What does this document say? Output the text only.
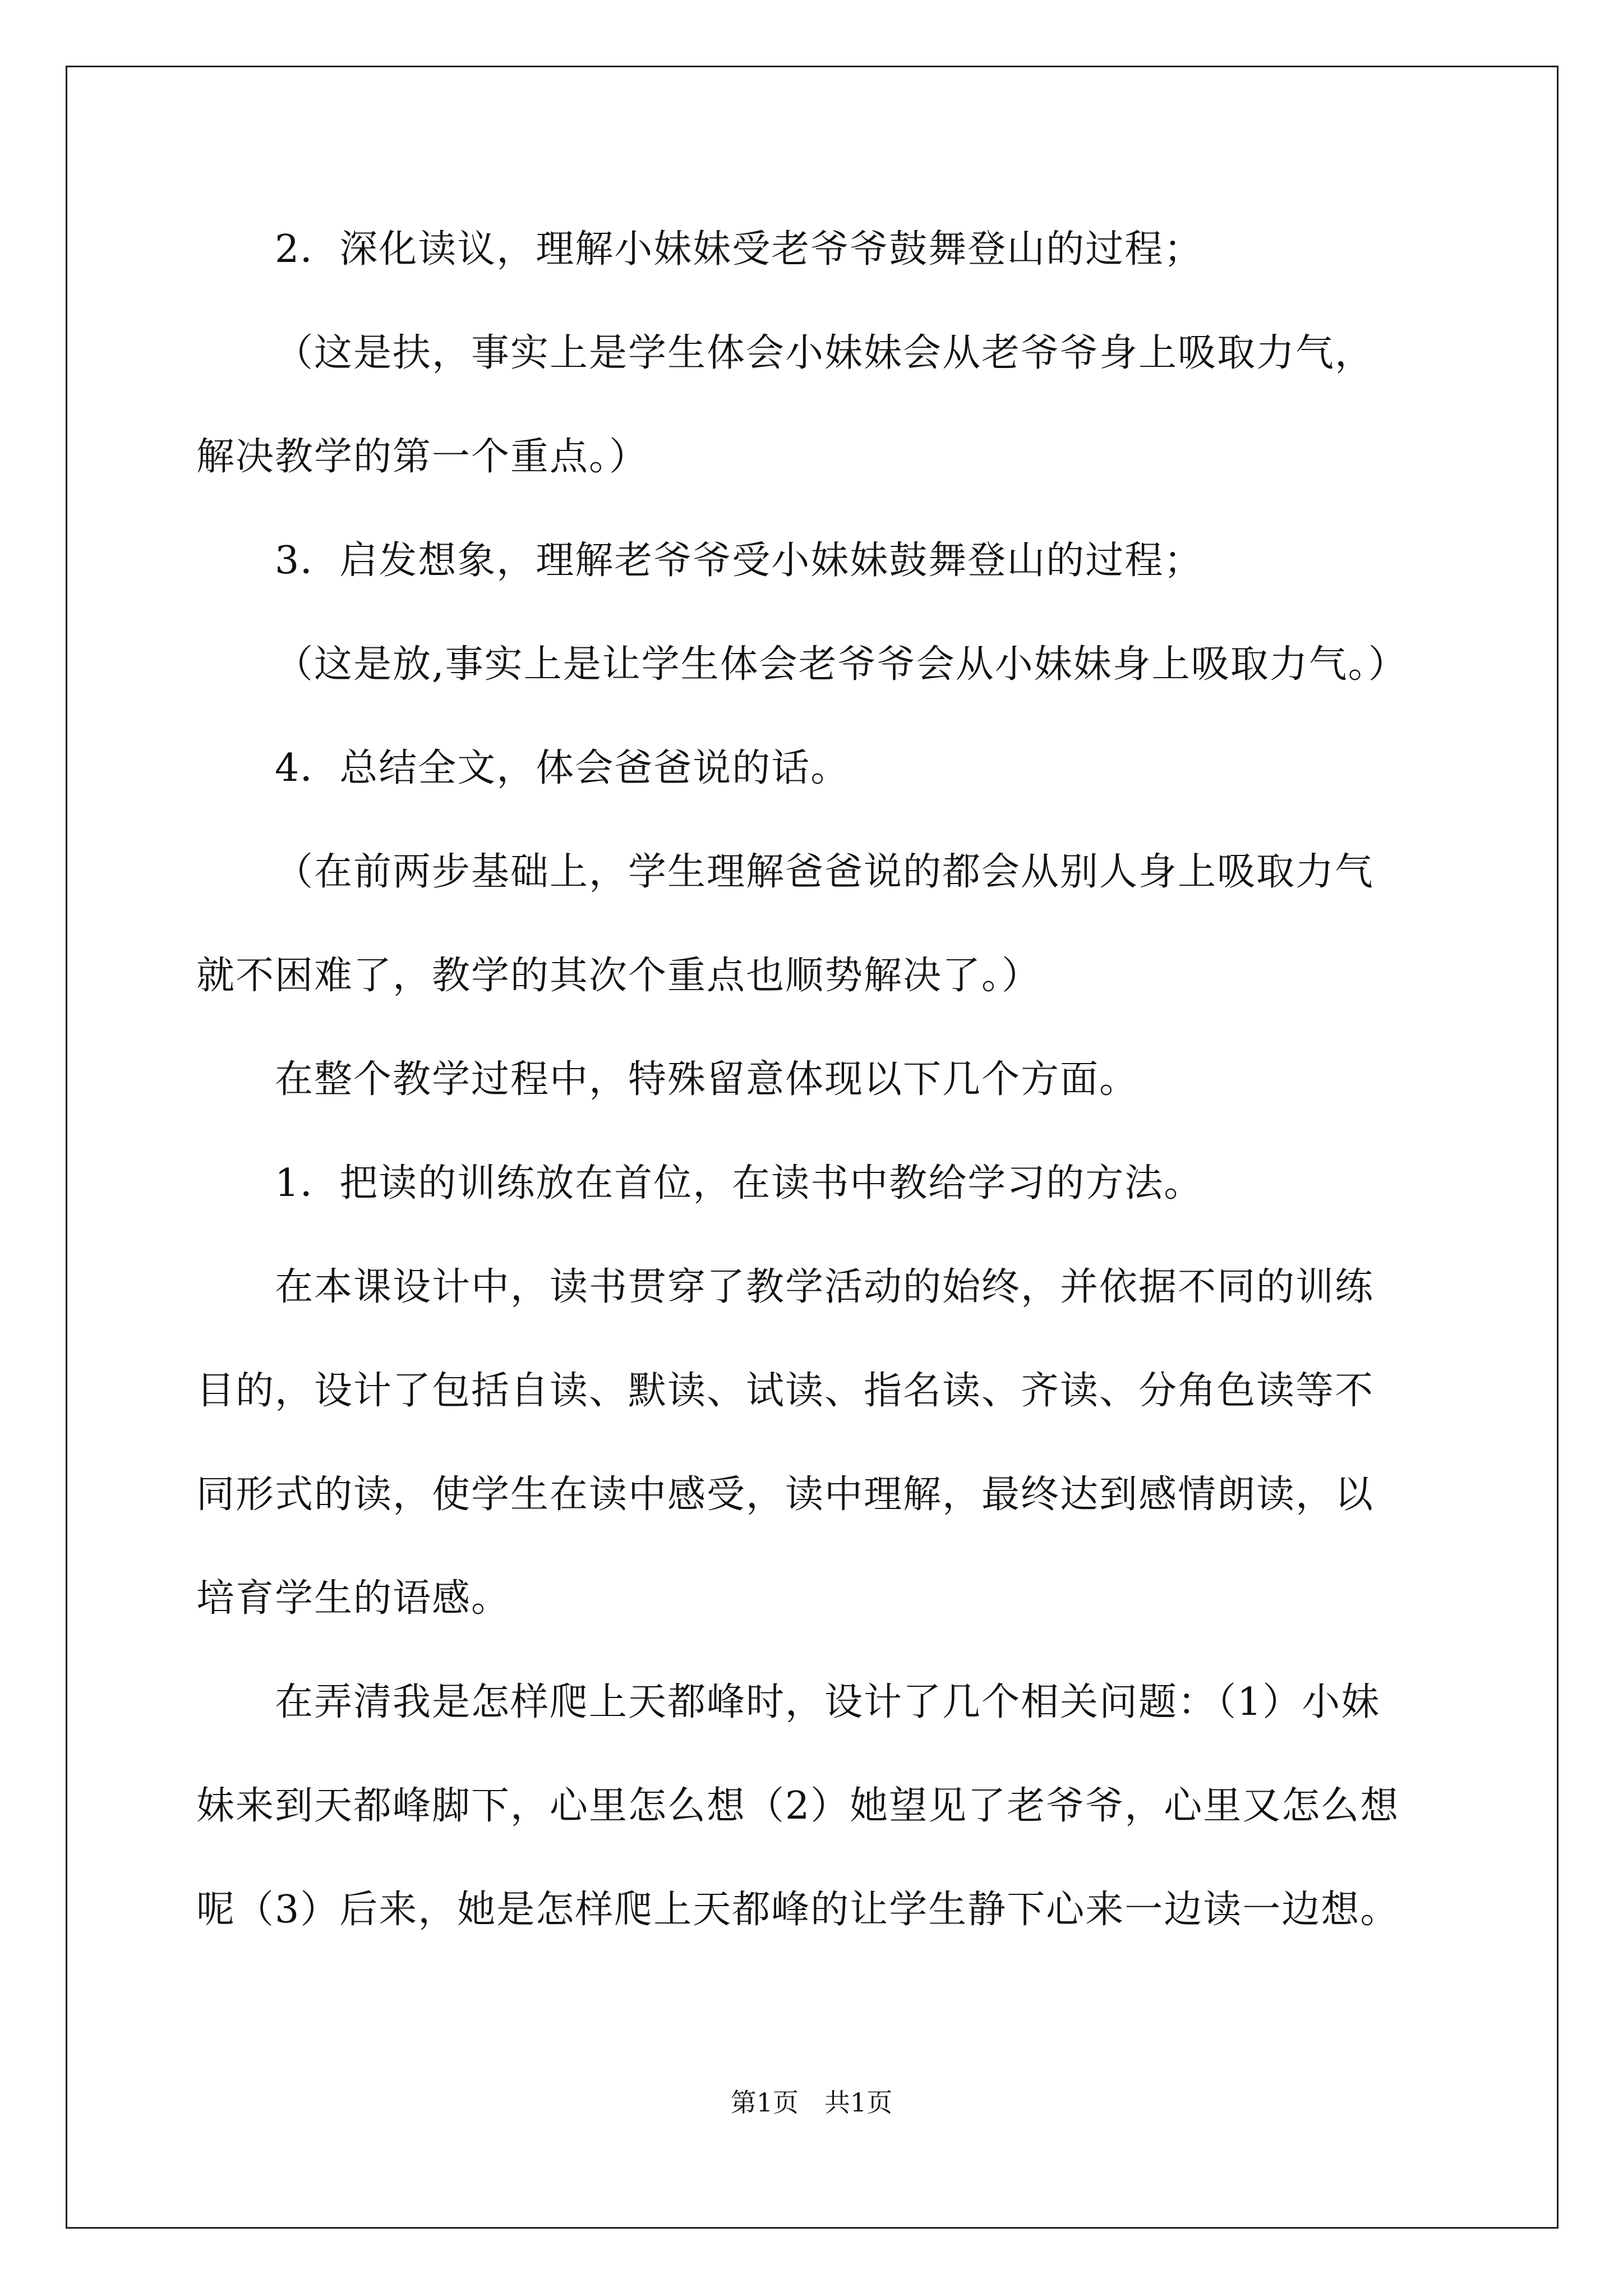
2．深化读议，理解小妹妹受老爷爷鼓舞登山的过程；

（这是扶，事实上是学生体会小妹妹会从老爷爷身上吸取力气，

解决教学的第一个重点。）

3．启发想象，理解老爷爷受小妹妹鼓舞登山的过程；

（这是放,事实上是让学生体会老爷爷会从小妹妹身上吸取力气。）

4．总结全文，体会爸爸说的话。

（在前两步基础上，学生理解爸爸说的都会从别人身上吸取力气

就不困难了，教学的其次个重点也顺势解决了。）

在整个教学过程中，特殊留意体现以下几个方面。

1．把读的训练放在首位，在读书中教给学习的方法。

在本课设计中，读书贯穿了教学活动的始终，并依据不同的训练

目的，设计了包括自读、默读、试读、指名读、齐读、分角色读等不

同形式的读，使学生在读中感受，读中理解，最终达到感情朗读，以

培育学生的语感。

在弄清我是怎样爬上天都峰时，设计了几个相关问题：（1）小妹

妹来到天都峰脚下，心里怎么想（2）她望见了老爷爷，心里又怎么想

呢（3）后来，她是怎样爬上天都峰的让学生静下心来一边读一边想。

第1页　共1页
